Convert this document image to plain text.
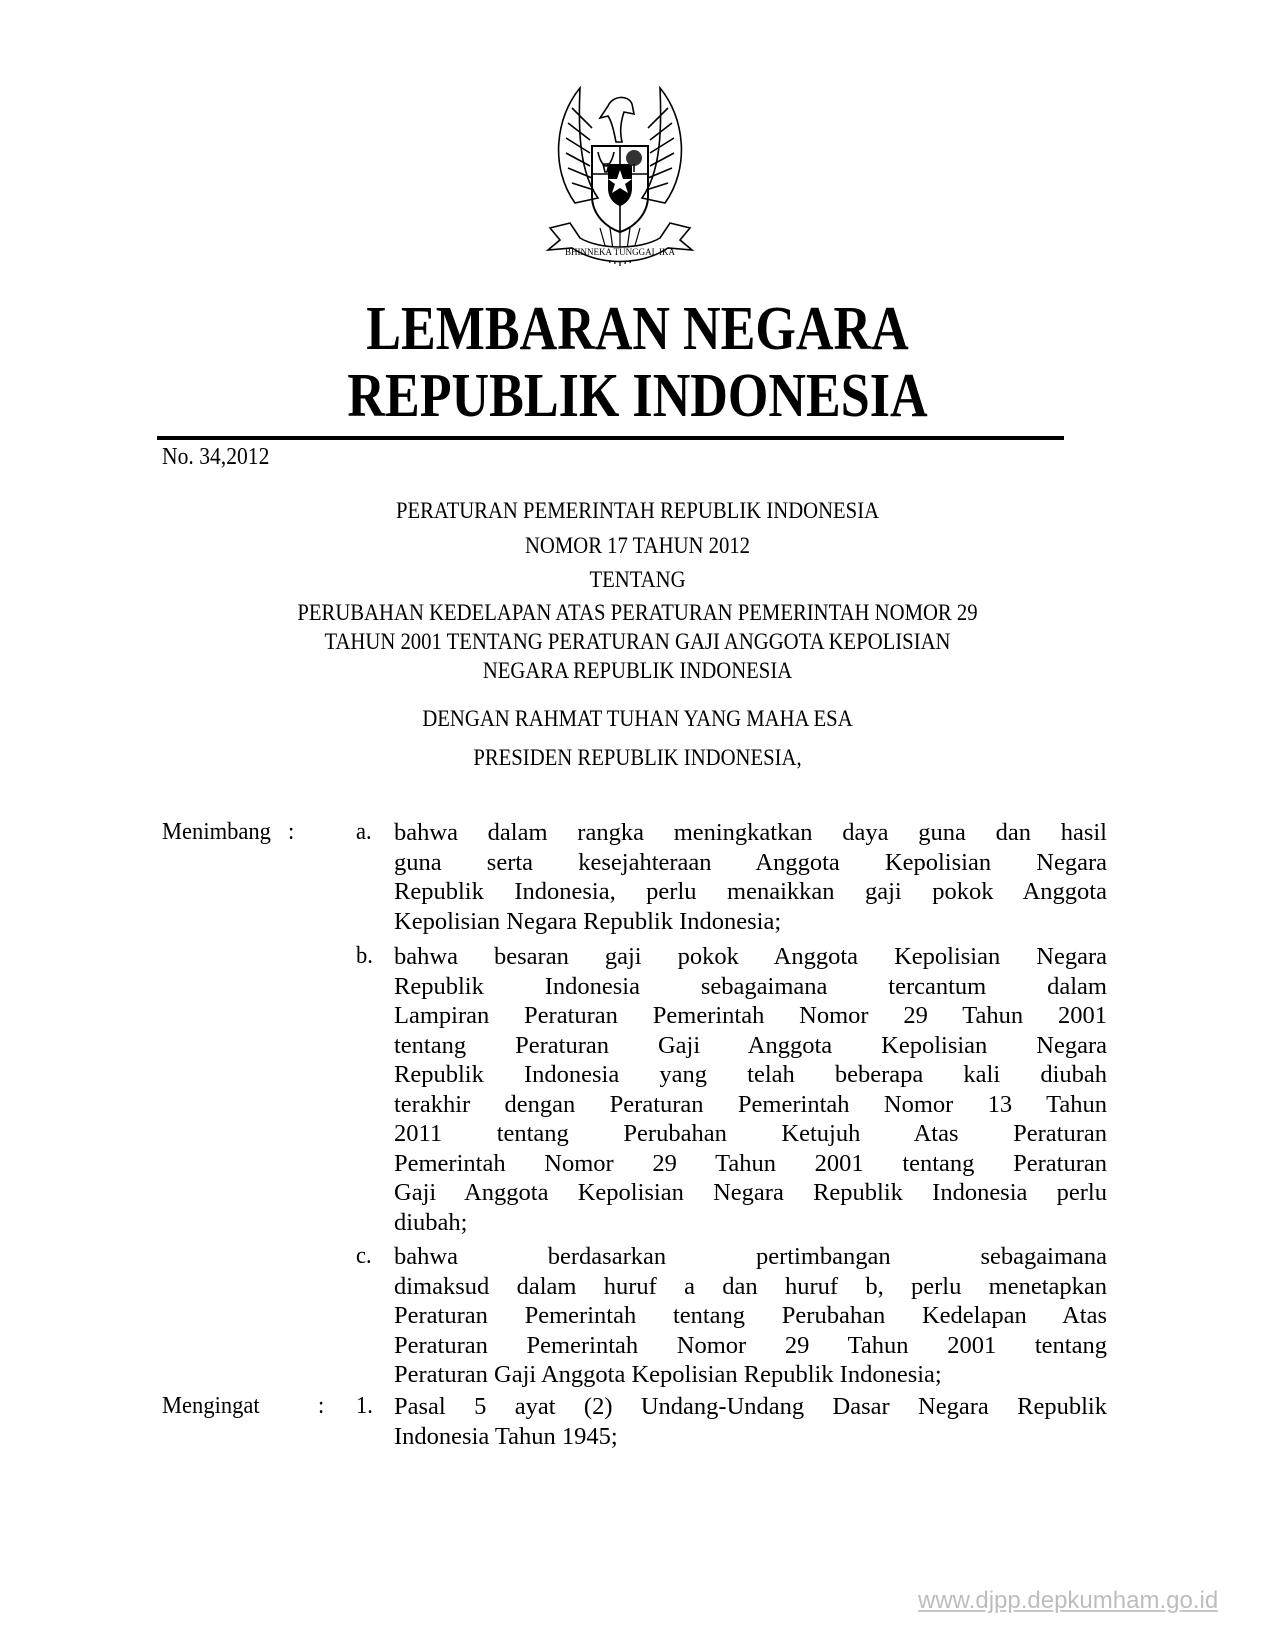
BHINNEKA TUNGGAL IKA
LEMBARAN NEGARA
REPUBLIK INDONESIA
No. 34,2012
PERATURAN PEMERINTAH REPUBLIK INDONESIA
NOMOR 17 TAHUN 2012
TENTANG
PERUBAHAN KEDELAPAN ATAS PERATURAN PEMERINTAH NOMOR 29
TAHUN 2001 TENTANG PERATURAN GAJI ANGGOTA KEPOLISIAN
NEGARA REPUBLIK INDONESIA
DENGAN RAHMAT TUHAN YANG MAHA ESA
PRESIDEN REPUBLIK INDONESIA,
Menimbang :	a. bahwa dalam rangka meningkatkan daya guna dan hasil
guna serta kesejahteraan Anggota Kepolisian Negara
Republik Indonesia, perlu menaikkan gaji pokok Anggota
Kepolisian Negara Republik Indonesia;
b. bahwa besaran gaji pokok Anggota Kepolisian Negara
Republik Indonesia sebagaimana tercantum dalam
Lampiran Peraturan Pemerintah Nomor 29 Tahun 2001
tentang Peraturan Gaji Anggota Kepolisian Negara
Republik Indonesia yang telah beberapa kali diubah
terakhir dengan Peraturan Pemerintah Nomor 13 Tahun
2011 tentang Perubahan Ketujuh Atas Peraturan
Pemerintah Nomor 29 Tahun 2001 tentang Peraturan
Gaji Anggota Kepolisian Negara Republik Indonesia perlu
diubah;
c. bahwa berdasarkan pertimbangan sebagaimana
dimaksud dalam huruf a dan huruf b, perlu menetapkan
Peraturan Pemerintah tentang Perubahan Kedelapan Atas
Peraturan Pemerintah Nomor 29 Tahun 2001 tentang
Peraturan Gaji Anggota Kepolisian Republik Indonesia;
Mengingat : 1. Pasal 5 ayat (2) Undang-Undang Dasar Negara Republik
Indonesia Tahun 1945;
www.djpp.depkumham.go.id
